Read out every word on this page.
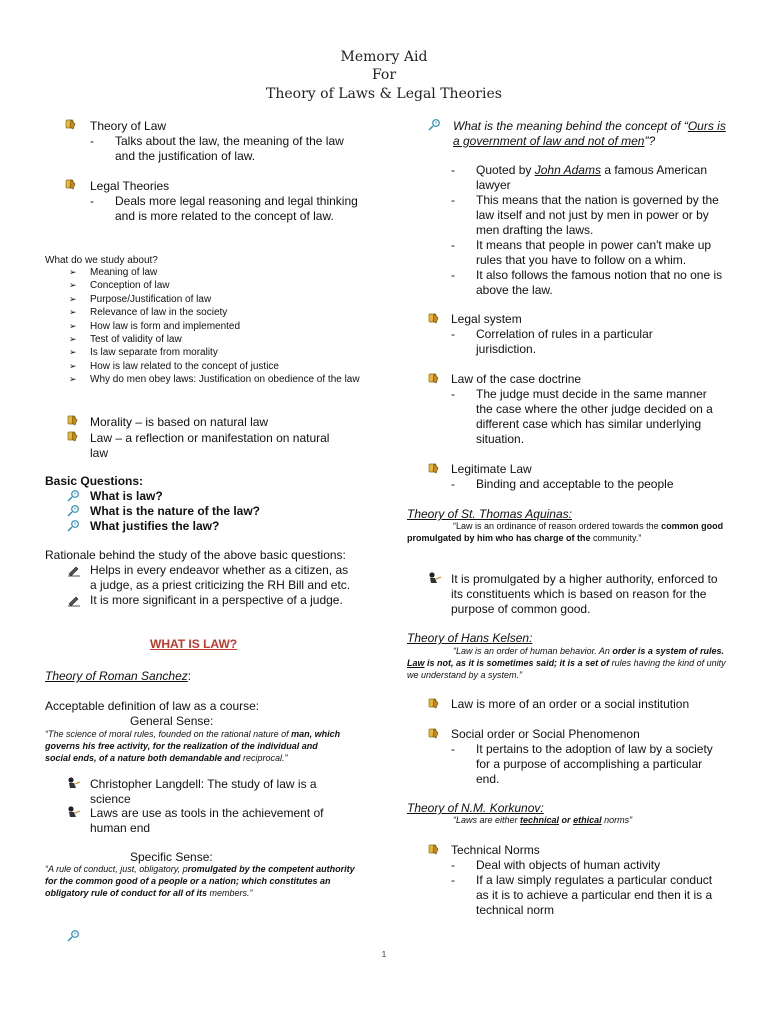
Memory Aid
For
Theory of Laws & Legal Theories
Theory of Law
- Talks about the law, the meaning of the law and the justification of law.
Legal Theories
- Deals more legal reasoning and legal thinking and is more related to the concept of law.
What do we study about?
➢ Meaning of law
➢ Conception of law
➢ Purpose/Justification of law
➢ Relevance of law in the society
➢ How law is form and implemented
➢ Test of validity of law
➢ Is law separate from morality
➢ How is law related to the concept of justice
➢ Why do men obey laws: Justification on obedience of the law
Morality – is based on natural law
Law – a reflection or manifestation on natural law
Basic Questions:
What is law?
What is the nature of the law?
What justifies the law?
Rationale behind the study of the above basic questions:
Helps in every endeavor whether as a citizen, as a judge, as a priest criticizing the RH Bill and etc.
It is more significant in a perspective of a judge.
WHAT IS LAW?
Theory of Roman Sanchez:
Acceptable definition of law as a course:
General Sense:
“The science of moral rules, founded on the rational nature of man, which governs his free activity, for the realization of the individual and social ends, of a nature both demandable and reciprocal.”
Christopher Langdell: The study of law is a science
Laws are use as tools in the achievement of human end
Specific Sense:
“A rule of conduct, just, obligatory, promulgated by the competent authority for the common good of a people or a nation; which constitutes an obligatory rule of conduct for all of its members.”
What is the meaning behind the concept of “Ours is a government of law and not of men”?
- Quoted by John Adams a famous American lawyer
- This means that the nation is governed by the law itself and not just by men in power or by men drafting the laws.
- It means that people in power can't make up rules that you have to follow on a whim.
- It also follows the famous notion that no one is above the law.
Legal system
- Correlation of rules in a particular jurisdiction.
Law of the case doctrine
- The judge must decide in the same manner the case where the other judge decided on a different case which has similar underlying situation.
Legitimate Law
- Binding and acceptable to the people
Theory of St. Thomas Aquinas:
“Law is an ordinance of reason ordered towards the common good promulgated by him who has charge of the community.”
It is promulgated by a higher authority, enforced to its constituents which is based on reason for the purpose of common good.
Theory of Hans Kelsen:
“Law is an order of human behavior. An order is a system of rules. Law is not, as it is sometimes said; it is a set of rules having the kind of unity we understand by a system.”
Law is more of an order or a social institution
Social order or Social Phenomenon
- It pertains to the adoption of law by a society for a purpose of accomplishing a particular end.
Theory of N.M. Korkunov:
“Laws are either technical or ethical norms”
Technical Norms
- Deal with objects of human activity
- If a law simply regulates a particular conduct as it is to achieve a particular end then it is a technical norm
1
